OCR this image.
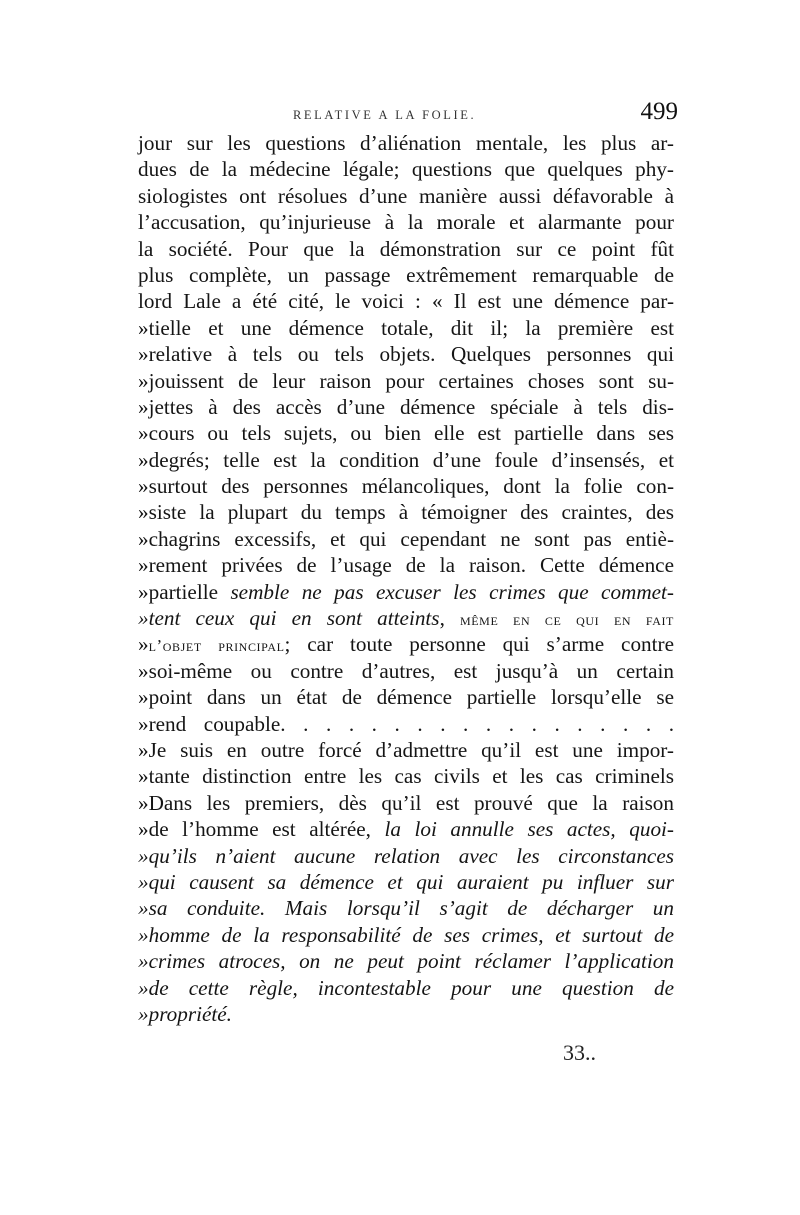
RELATIVE A LA FOLIE.	499
jour sur les questions d’aliénation mentale, les plus ar-
dues de la médecine légale; questions que quelques phy-
siologistes ont résolues d’une manière aussi défavorable à
l’accusation, qu’injurieuse à la morale et alarmante pour
la société. Pour que la démonstration sur ce point fût
plus complète, un passage extrêmement remarquable de
lord Lale a été cité, le voici : « Il est une démence par-
»tielle et une démence totale, dit il; la première est
»relative à tels ou tels objets. Quelques personnes qui
»jouissent de leur raison pour certaines choses sont su-
»jettes à des accès d’une démence spéciale à tels dis-
»cours ou tels sujets, ou bien elle est partielle dans ses
»degrés; telle est la condition d’une foule d’insensés, et
»surtout des personnes mélancoliques, dont la folie con-
»siste la plupart du temps à témoigner des craintes, des
»chagrins excessifs, et qui cependant ne sont pas entiè-
»rement privées de l’usage de la raison. Cette démence
»partielle semble ne pas excuser les crimes que commet-
»tent ceux qui en sont atteints, même en ce qui en fait
»l’objet principal; car toute personne qui s’arme contre
»soi-même ou contre d’autres, est jusqu’à un certain
»point dans un état de démence partielle lorsqu’elle se
»rend coupable. . . . . . . . . . . . . . . . . .
»Je suis en outre forcé d’admettre qu’il est une impor-
»tante distinction entre les cas civils et les cas criminels
»Dans les premiers, dès qu’il est prouvé que la raison
»de l’homme est altérée, la loi annulle ses actes, quoi-
»qu’ils n’aient aucune relation avec les circonstances
»qui causent sa démence et qui auraient pu influer sur
»sa conduite. Mais lorsqu’il s’agit de décharger un
»homme de la responsabilité de ses crimes, et surtout de
»crimes atroces, on ne peut point réclamer l’application
»de cette règle, incontestable pour une question de
»propriété.
33..
